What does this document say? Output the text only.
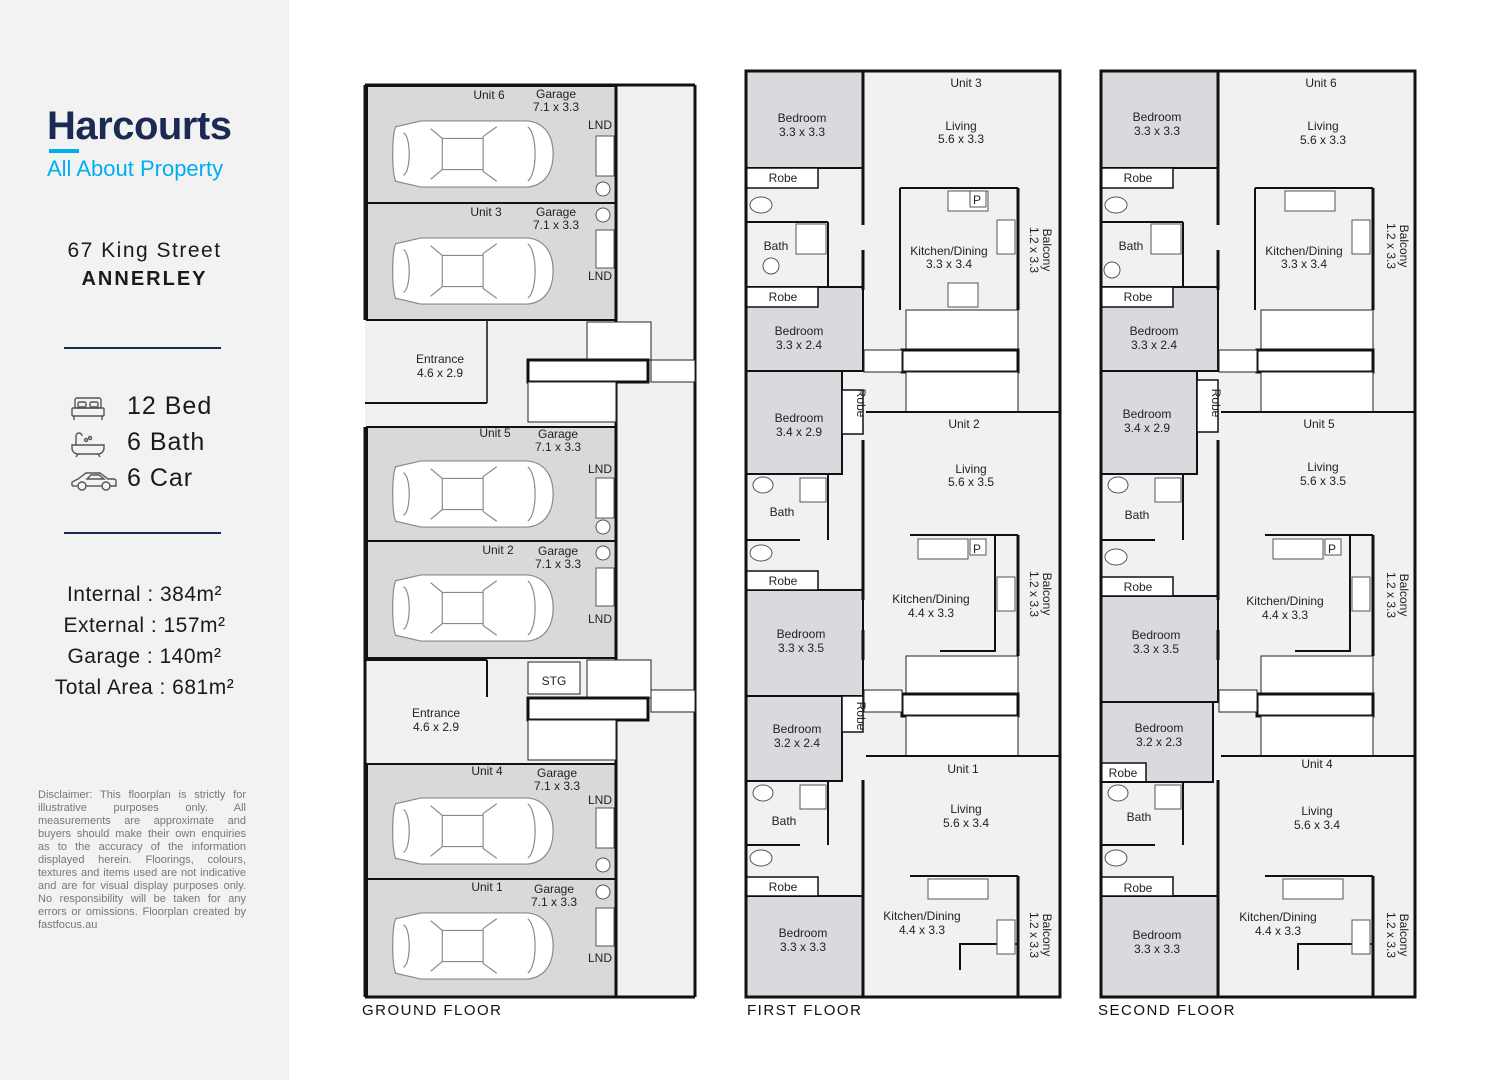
Harcourts
All About Property
67 King Street
ANNERLEY
12 Bed
6 Bath
6 Car
Internal : 384m²
External : 157m²
Garage : 140m²
Total Area : 681m²
Disclaimer: This floorplan is strictly for illustrative purposes only. All measurements are approximate and buyers should make their own enquiries as to the accuracy of the information displayed herein. Floorings, colours, textures and items used are not indicative and are for visual display purposes only. No responsibility will be taken for any errors or omissions. Floorplan created by fastfocus.au
Unit 6	Garage
7.1 x 3.3
LND
Unit 3	Garage
7.1 x 3.3
LND
Entrance
4.6 x 2.9
Unit 5 Garage
7.1 x 3.3
LND
Unit 2 Garage
7.1 x 3.3
LND
STG
Entrance
4.6 x 2.9
Unit 4	Garage
7.1 x 3.3
LND
Unit 1	Garage
7.1 x 3.3
LND
GROUND FLOOR
Unit 3
Bedroom
3.3 x 3.3	Living
5.6 x 3.3
Robe
P
Bath	Kitchen/Dining
3.3 x 3.4
Robe
Bedroom
3.3 x 2.4
Bedroom
3.4 x 2.9
Unit 2
Living
5.6 x 3.5
Bath
P
Robe
Kitchen/Dining
4.4 x 3.3
Bedroom
3.3 x 3.5
Bedroom
3.2 x 2.4
Unit 1
Living
5.6 x 3.4
Bath
Robe
Kitchen/Dining
4.4 x 3.3
Bedroom
3.3 x 3.3
Robe
Robe
Balcony
1.2 x 3.3
Balcony
1.2 x 3.3
Balcony
1.2 x 3.3
FIRST FLOOR
Unit 6
Bedroom
3.3 x 3.3	Living
5.6 x 3.3
Robe
Bath	Kitchen/Dining
3.3 x 3.4
Robe
Bedroom
3.3 x 2.4
Bedroom
3.4 x 2.9	Unit 5
Living
5.6 x 3.5
Bath
P
Robe
Kitchen/Dining
4.4 x 3.3
Bedroom
3.3 x 3.5
Bedroom
3.2 x 2.3
Robe
Unit 4
Living
5.6 x 3.4
Bath
Robe
Kitchen/Dining
4.4 x 3.3
Bedroom
3.3 x 3.3
Robe
Balcony
1.2 x 3.3
Balcony
1.2 x 3.3
Balcony
1.2 x 3.3
SECOND FLOOR
